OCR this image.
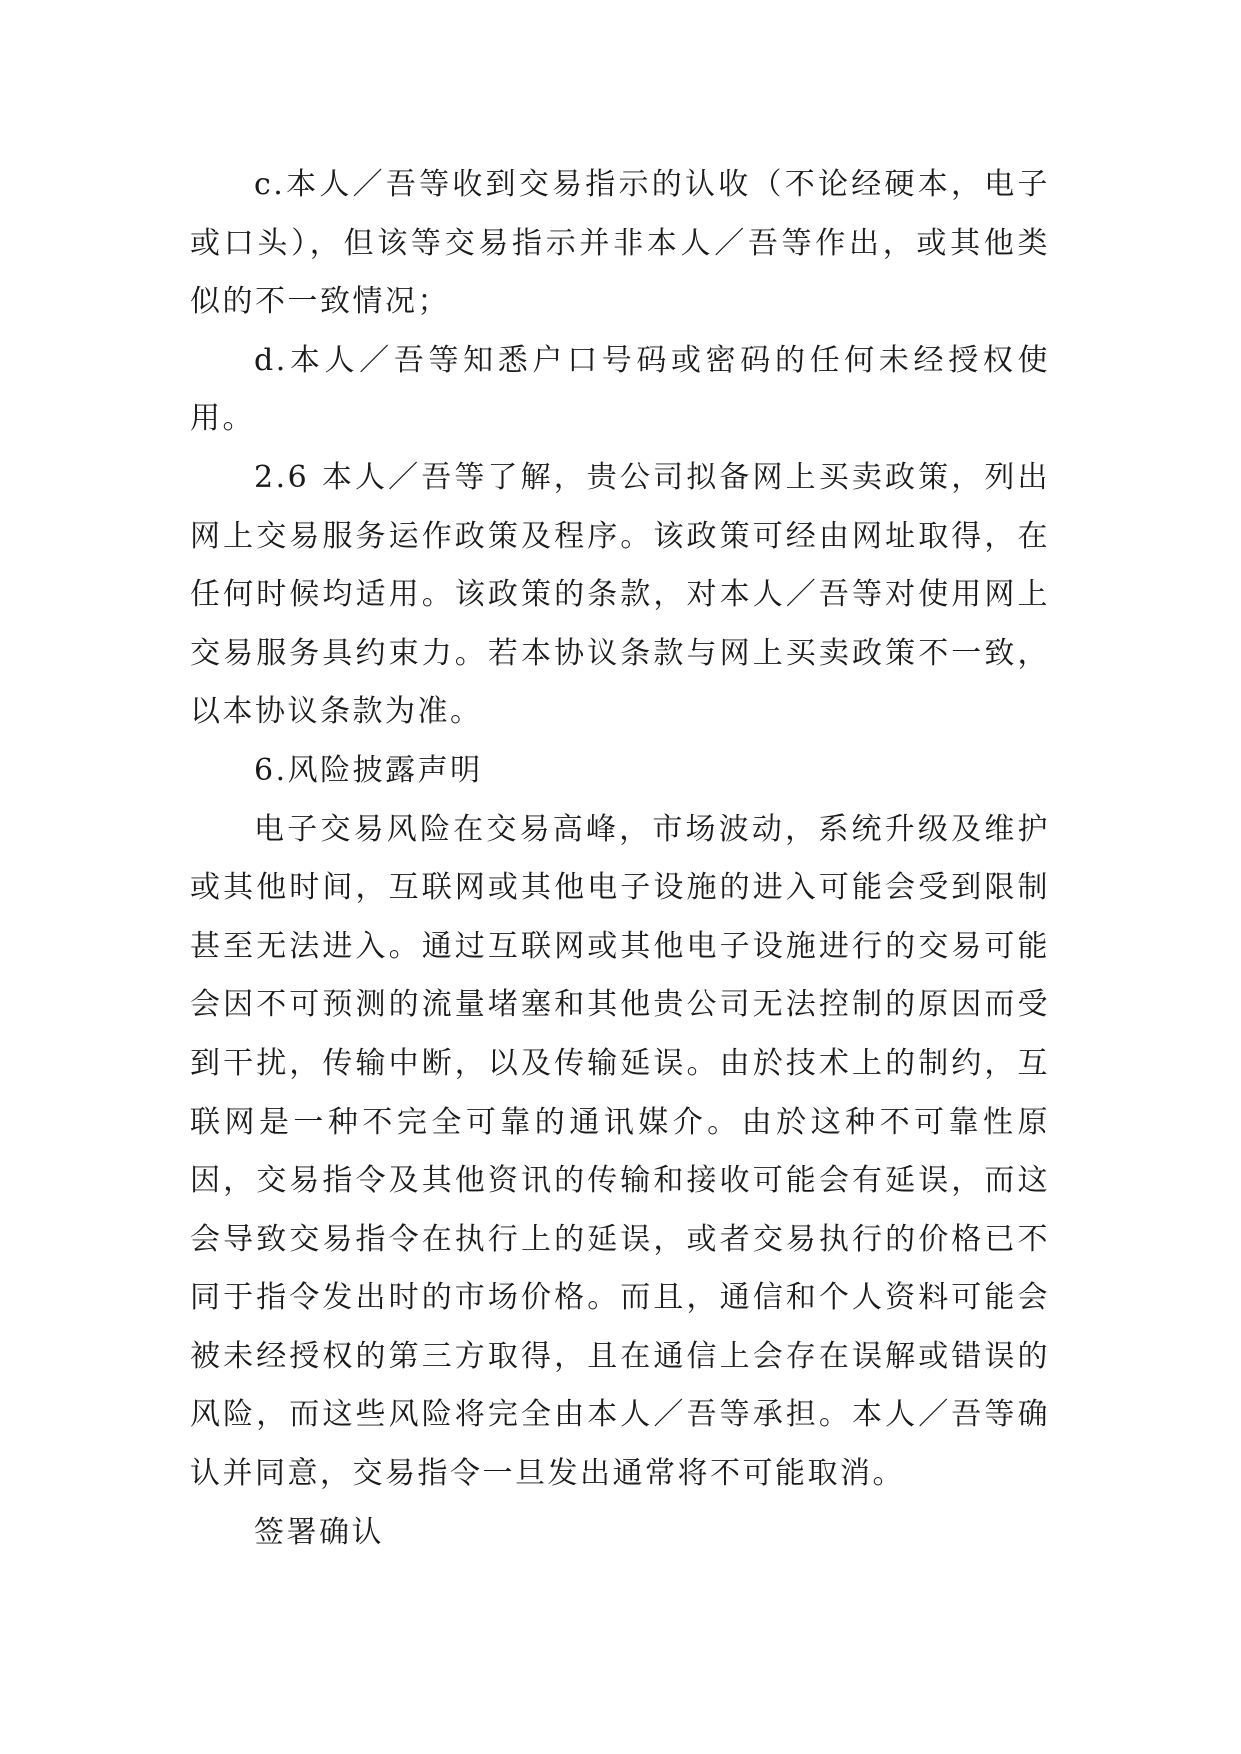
c.本人／吾等收到交易指示的认收（不论经硬本，电子或口头），但该等交易指示并非本人／吾等作出，或其他类似的不一致情况；

d.本人／吾等知悉户口号码或密码的任何未经授权使用。

2.6 本人／吾等了解，贵公司拟备网上买卖政策，列出网上交易服务运作政策及程序。该政策可经由网址取得，在任何时候均适用。该政策的条款，对本人／吾等对使用网上交易服务具约束力。若本协议条款与网上买卖政策不一致，以本协议条款为准。

6.风险披露声明

电子交易风险在交易高峰，市场波动，系统升级及维护或其他时间，互联网或其他电子设施的进入可能会受到限制甚至无法进入。通过互联网或其他电子设施进行的交易可能会因不可预测的流量堵塞和其他贵公司无法控制的原因而受到干扰，传输中断，以及传输延误。由於技术上的制约，互联网是一种不完全可靠的通讯媒介。由於这种不可靠性原因，交易指令及其他资讯的传输和接收可能会有延误，而这会导致交易指令在执行上的延误，或者交易执行的价格已不同于指令发出时的市场价格。而且，通信和个人资料可能会被未经授权的第三方取得，且在通信上会存在误解或错误的风险，而这些风险将完全由本人／吾等承担。本人／吾等确认并同意，交易指令一旦发出通常将不可能取消。

签署确认
